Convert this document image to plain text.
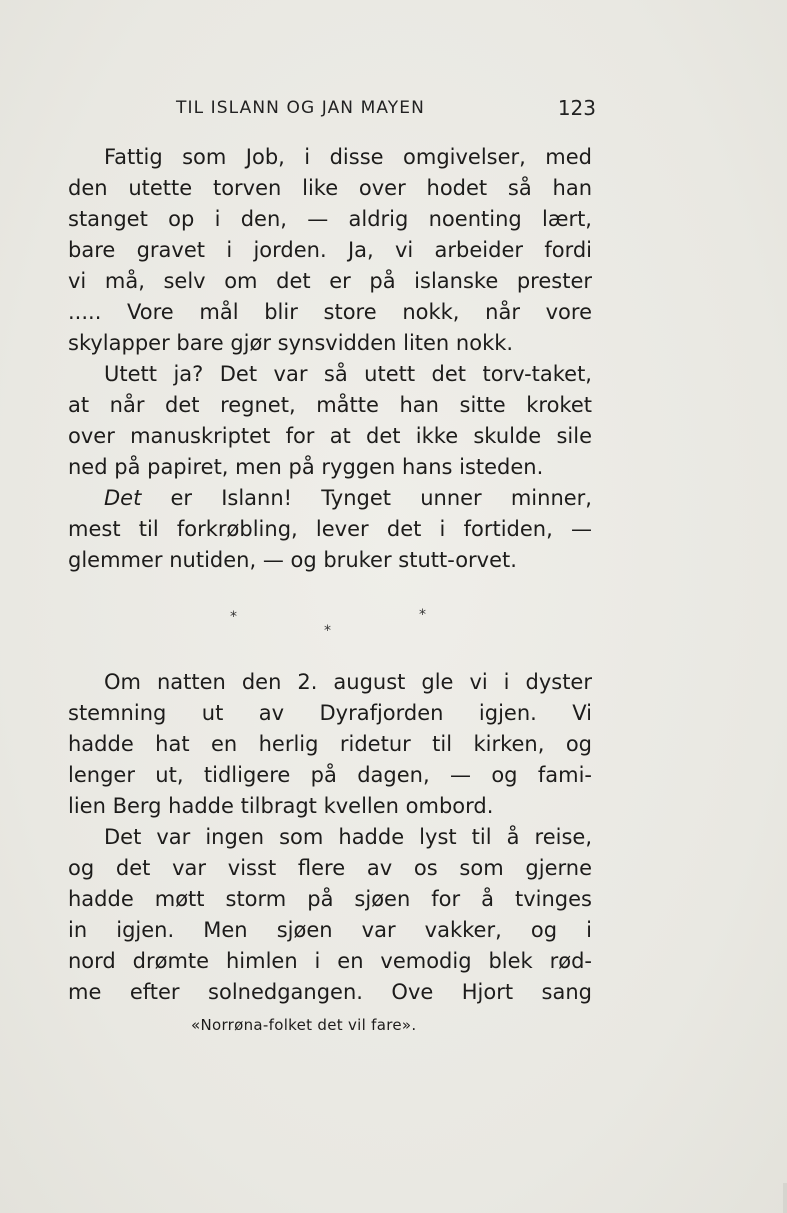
TIL ISLANN OG JAN MAYEN	123
Fattig som Job, i disse omgivelser, med
den utette torven like over hodet så han
stanget op i den, — aldrig noenting lært,
bare gravet i jorden. Ja, vi arbeider fordi
vi må, selv om det er på islanske prester
..... Vore mål blir store nokk, når vore
skylapper bare gjør synsvidden liten nokk.
Utett ja? Det var så utett det torv-taket,
at når det regnet, måtte han sitte kroket
over manuskriptet for at det ikke skulde sile
ned på papiret, men på ryggen hans isteden.
Det er Islann! Tynget unner minner,
mest til forkrøbling, lever det i fortiden, —
glemmer nutiden, — og bruker stutt-orvet.
*	*
*
Om natten den 2. august gle vi i dyster
stemning ut av Dyrafjorden igjen. Vi
hadde hat en herlig ridetur til kirken, og
lenger ut, tidligere på dagen, — og fami-
lien Berg hadde tilbragt kvellen ombord.
Det var ingen som hadde lyst til å reise,
og det var visst flere av os som gjerne
hadde møtt storm på sjøen for å tvinges
in igjen. Men sjøen var vakker, og i
nord drømte himlen i en vemodig blek rød-
me efter solnedgangen. Ove Hjort sang
«Norrøna-folket det vil fare».
